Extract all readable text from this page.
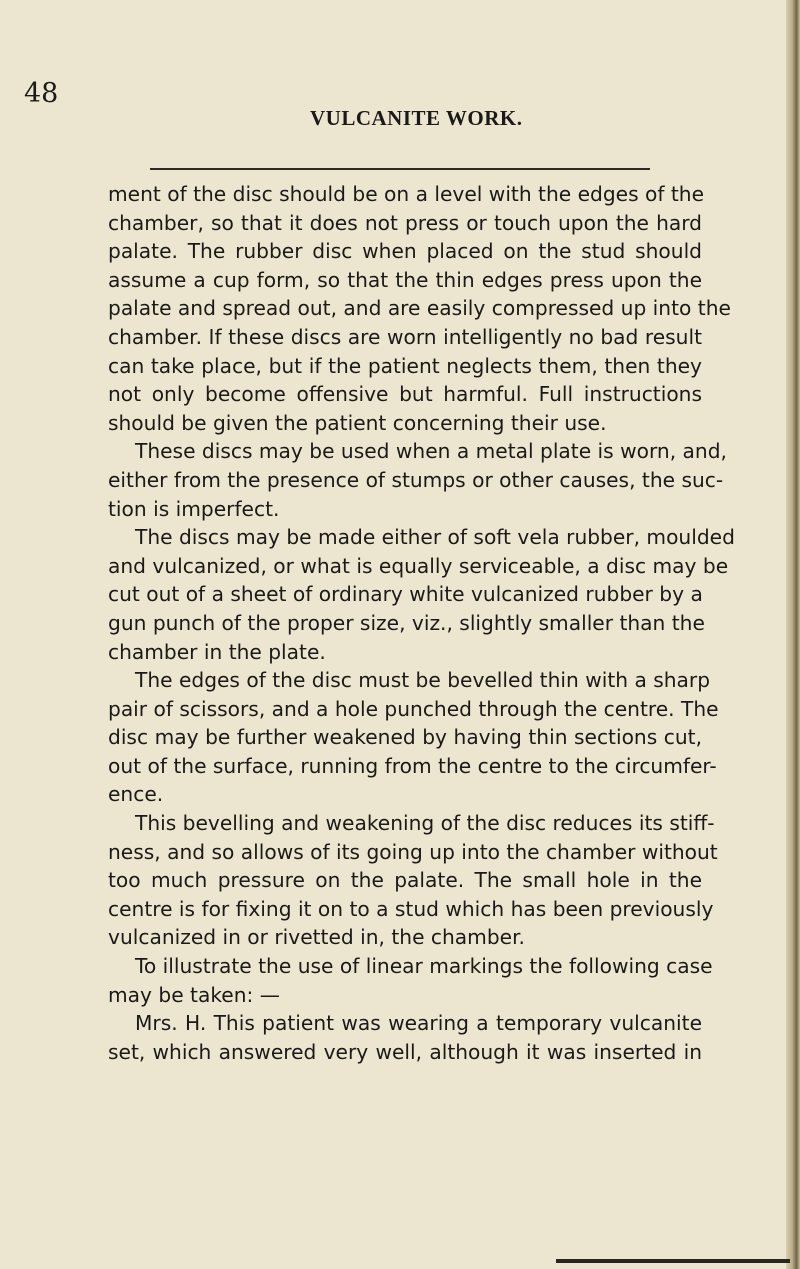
48
VULCANITE WORK.
ment of the disc should be on a level with the edges of the
chamber, so that it does not press or touch upon the hard
palate. The rubber disc when placed on the stud should
assume a cup form, so that the thin edges press upon the
palate and spread out, and are easily compressed up into the
chamber. If these discs are worn intelligently no bad result
can take place, but if the patient neglects them, then they
not only become offensive but harmful. Full instructions
should be given the patient concerning their use.
These discs may be used when a metal plate is worn, and,
either from the presence of stumps or other causes, the suc-
tion is imperfect.
The discs may be made either of soft vela rubber, moulded
and vulcanized, or what is equally serviceable, a disc may be
cut out of a sheet of ordinary white vulcanized rubber by a
gun punch of the proper size, viz., slightly smaller than the
chamber in the plate.
The edges of the disc must be bevelled thin with a sharp
pair of scissors, and a hole punched through the centre. The
disc may be further weakened by having thin sections cut,
out of the surface, running from the centre to the circumfer-
ence.
This bevelling and weakening of the disc reduces its stiff-
ness, and so allows of its going up into the chamber without
too much pressure on the palate. The small hole in the
centre is for fixing it on to a stud which has been previously
vulcanized in or rivetted in, the chamber.
To illustrate the use of linear markings the following case
may be taken: —
Mrs. H. This patient was wearing a temporary vulcanite
set, which answered very well, although it was inserted in
